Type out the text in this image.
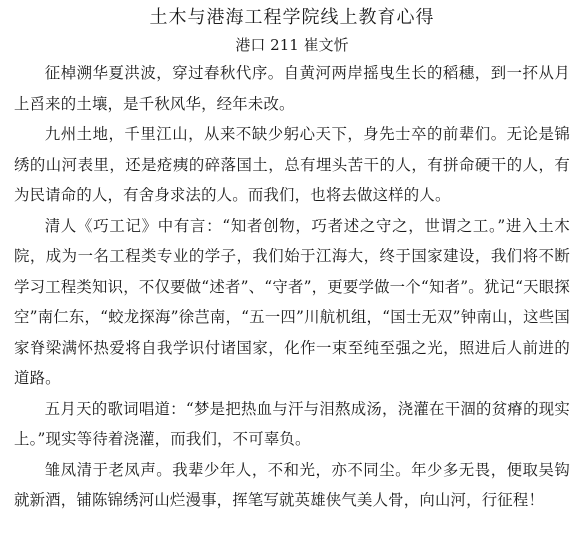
土木与港海工程学院线上教育心得
港口 211 崔文忻

征棹溯华夏洪波，穿过春秋代序。自黄河两岸摇曳生长的稻穗，到一抔从月上舀来的土壤，是千秋风华，经年未改。

九州土地，千里江山，从来不缺少躬心天下，身先士卒的前辈们。无论是锦绣的山河表里，还是疮痍的碎落国土，总有埋头苦干的人，有拼命硬干的人，有为民请命的人，有舍身求法的人。而我们，也将去做这样的人。

清人《巧工记》中有言：“知者创物，巧者述之守之，世谓之工。”进入土木院，成为一名工程类专业的学子，我们始于江海大，终于国家建设，我们将不断学习工程类知识，不仅要做“述者”、“守者”，更要学做一个“知者”。犹记“天眼探空”南仁东，“蛟龙探海”徐芑南，“五一四”川航机组，“国士无双”钟南山，这些国家脊梁满怀热爱将自我学识付诸国家，化作一束至纯至强之光，照进后人前进的道路。

五月天的歌词唱道：“梦是把热血与汗与泪熬成汤，浇灌在干涸的贫瘠的现实上。”现实等待着浇灌，而我们，不可辜负。

雏凤清于老凤声。我辈少年人，不和光，亦不同尘。年少多无畏，便取吴钩就新酒，铺陈锦绣河山烂漫事，挥笔写就英雄侠气美人骨，向山河，行征程！
